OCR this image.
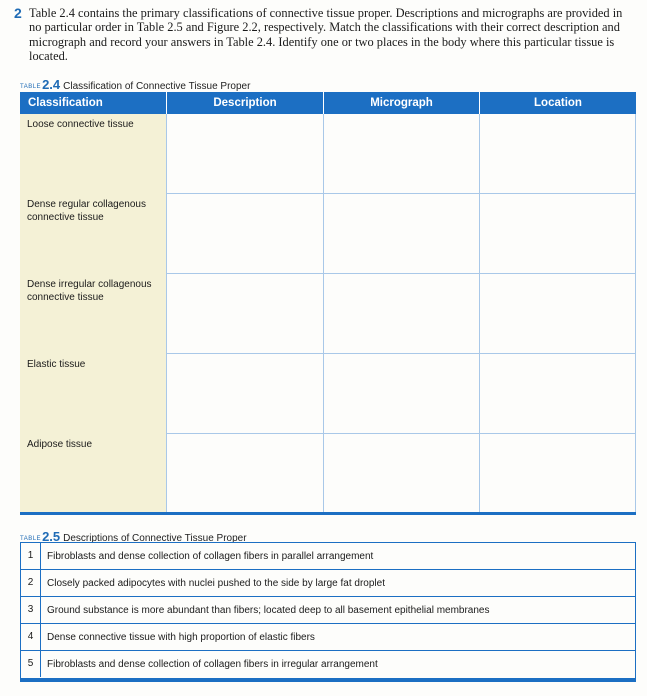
2 Table 2.4 contains the primary classifications of connective tissue proper. Descriptions and micrographs are provided in no particular order in Table 2.5 and Figure 2.2, respectively. Match the classifications with their correct description and micrograph and record your answers in Table 2.4. Identify one or two places in the body where this particular tissue is located.
TABLE2.4 Classification of Connective Tissue Proper
Classification	Description	Micrograph	Location
Loose connective tissue
Dense regular collagenous connective tissue
Dense irregular collagenous connective tissue
Elastic tissue
Adipose tissue
TABLE2.5 Descriptions of Connective Tissue Proper
1	Fibroblasts and dense collection of collagen fibers in parallel arrangement
2	Closely packed adipocytes with nuclei pushed to the side by large fat droplet
3	Ground substance is more abundant than fibers; located deep to all basement epithelial membranes
4	Dense connective tissue with high proportion of elastic fibers
5	Fibroblasts and dense collection of collagen fibers in irregular arrangement
